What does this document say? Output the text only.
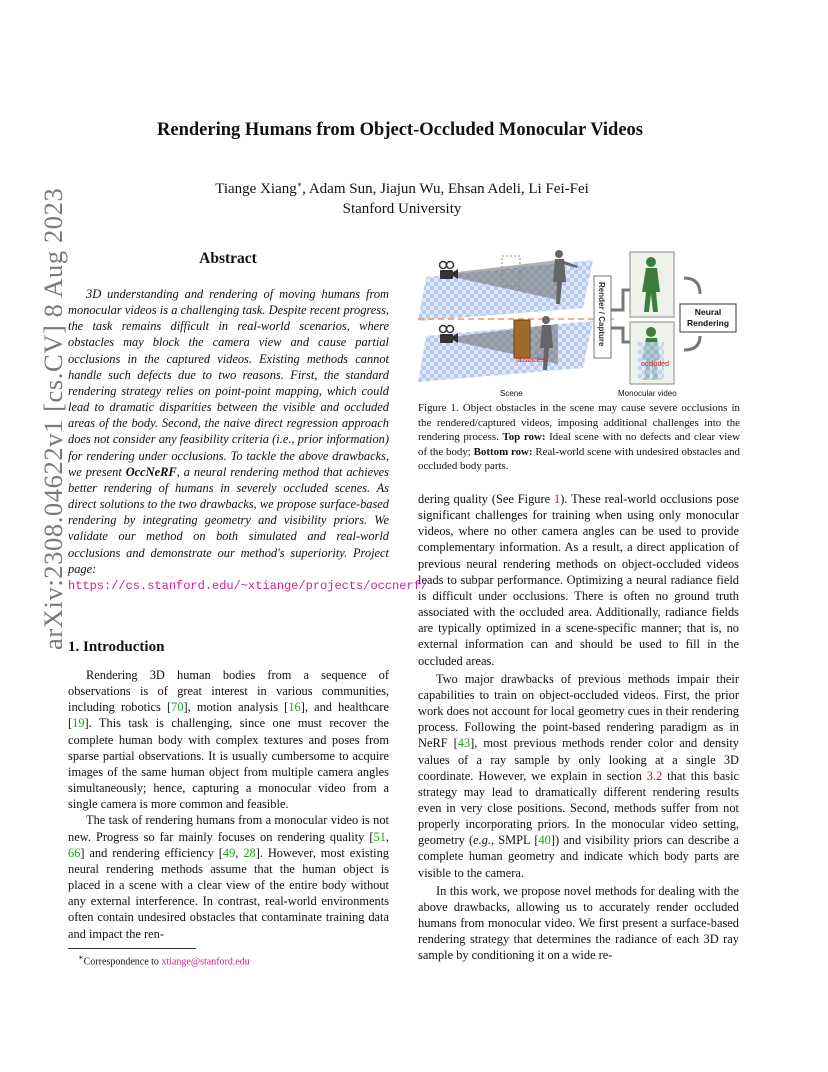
arXiv:2308.04622v1 [cs.CV] 8 Aug 2023
Rendering Humans from Object-Occluded Monocular Videos
Tiange Xiang∗, Adam Sun, Jiajun Wu, Ehsan Adeli, Li Fei-Fei
Stanford University
Abstract

3D understanding and rendering of moving humans from monocular videos is a challenging task. Despite recent progress, the task remains difficult in real-world scenarios, where obstacles may block the camera view and cause partial occlusions in the captured videos. Existing methods cannot handle such defects due to two reasons. First, the standard rendering strategy relies on point-point mapping, which could lead to dramatic disparities between the visible and occluded areas of the body. Second, the naive direct regression approach does not consider any feasibility criteria (i.e., prior information) for rendering under occlusions. To tackle the above drawbacks, we present OccNeRF, a neural rendering method that achieves better rendering of humans in severely occluded scenes. As direct solutions to the two drawbacks, we propose surface-based rendering by integrating geometry and visibility priors. We validate our method on both simulated and real-world occlusions and demonstrate our method's superiority. Project page: https://cs.stanford.edu/~xtiange/projects/occnerf/

1. Introduction

Rendering 3D human bodies from a sequence of observations is of great interest in various communities, including robotics [70], motion analysis [16], and healthcare [19]. This task is challenging, since one must recover the complete human body with complex textures and poses from sparse partial observations. It is usually cumbersome to acquire images of the same human object from multiple camera angles simultaneously; hence, capturing a monocular video from a single camera is more common and feasible.

The task of rendering humans from a monocular video is not new. Progress so far mainly focuses on rendering quality [51, 66] and rendering efficiency [49, 28]. However, most existing neural rendering methods assume that the human object is placed in a scene with a clear view of the entire body without any external interference. In contrast, real-world environments often contain undesired obstacles that contaminate training data and impact the ren-

∗Correspondence to xtiange@stanford.edu
obstacles
Render / Capture
occluded
Neural Rendering
Scene	Monocular video
Figure 1. Object obstacles in the scene may cause severe occlusions in the rendered/captured videos, imposing additional challenges into the rendering process. Top row: Ideal scene with no defects and clear view of the body; Bottom row: Real-world scene with undesired obstacles and occluded body parts.

dering quality (See Figure 1). These real-world occlusions pose significant challenges for training when using only monocular videos, where no other camera angles can be used to provide complementary information. As a result, a direct application of previous neural rendering methods on object-occluded videos leads to subpar performance. Optimizing a neural radiance field is difficult under occlusions. There is often no ground truth associated with the occluded area. Additionally, radiance fields are typically optimized in a scene-specific manner; that is, no external information can and should be used to fill in the occluded areas.

Two major drawbacks of previous methods impair their capabilities to train on object-occluded videos. First, the prior work does not account for local geometry cues in their rendering process. Following the point-based rendering paradigm as in NeRF [43], most previous methods render color and density values of a ray sample by only looking at a single 3D coordinate. However, we explain in section 3.2 that this basic strategy may lead to dramatically different rendering results even in very close positions. Second, methods suffer from not properly incorporating priors. In the monocular video setting, geometry (e.g., SMPL [40]) and visibility priors can describe a complete human geometry and indicate which body parts are visible to the camera.

In this work, we propose novel methods for dealing with the above drawbacks, allowing us to accurately render occluded humans from monocular video. We first present a surface-based rendering strategy that determines the radiance of each 3D ray sample by conditioning it on a wide re-
